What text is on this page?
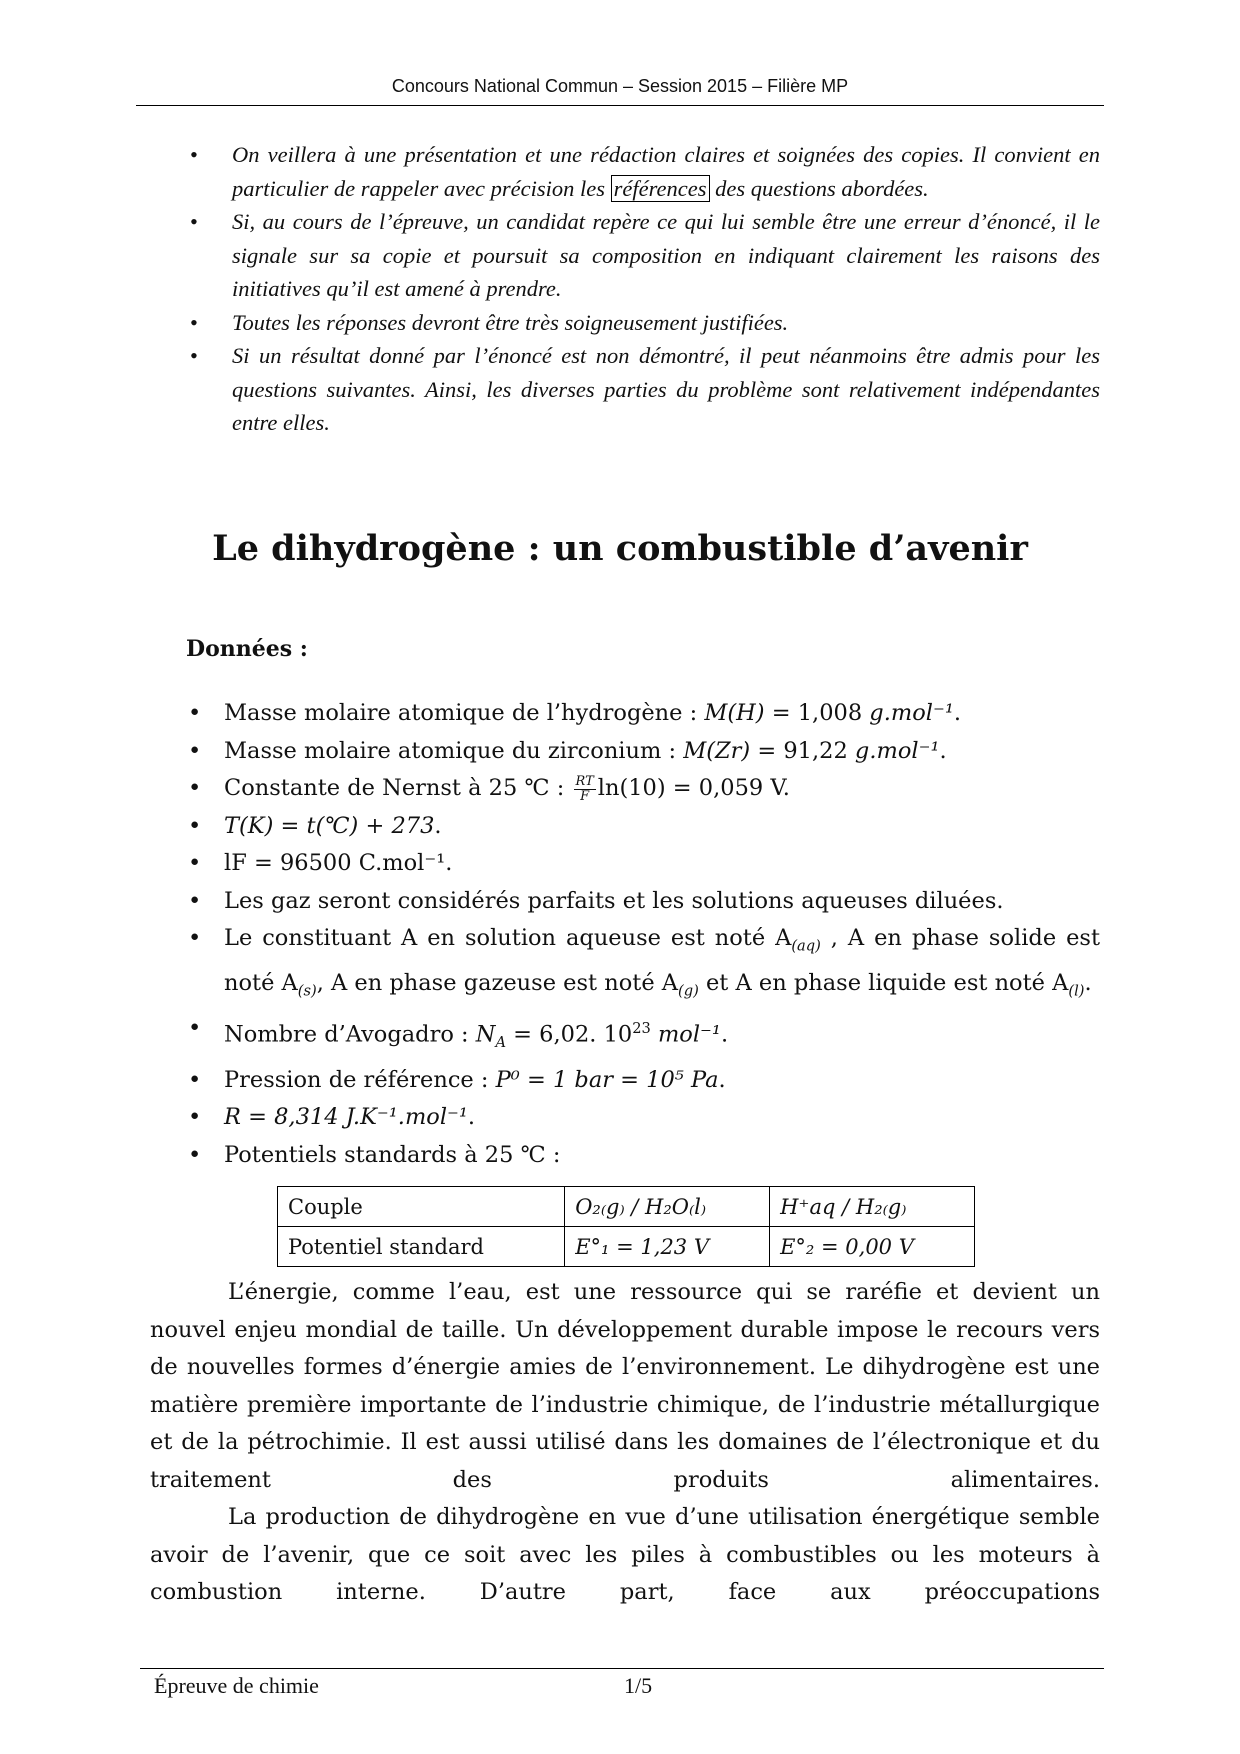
Concours National Commun – Session 2015 – Filière MP
• On veillera à une présentation et une rédaction claires et soignées des copies. Il convient en particulier de rappeler avec précision les références des questions abordées.
• Si, au cours de l’épreuve, un candidat repère ce qui lui semble être une erreur d’énoncé, il le signale sur sa copie et poursuit sa composition en indiquant clairement les raisons des initiatives qu’il est amené à prendre.
• Toutes les réponses devront être très soigneusement justifiées.
• Si un résultat donné par l’énoncé est non démontré, il peut néanmoins être admis pour les questions suivantes. Ainsi, les diverses parties du problème sont relativement indépendantes entre elles.
Le dihydrogène : un combustible d’avenir
Données :
• Masse molaire atomique de l’hydrogène : M(H) = 1,008 g.mol⁻¹.
• Masse molaire atomique du zirconium : M(Zr) = 91,22 g.mol⁻¹.
• Constante de Nernst à 25 ℃ : $\frac{RT}{F} \ln(10) = 0,059$ V.
• T(K) = t(℃) + 273.
• lF = 96500 C.mol⁻¹.
• Les gaz seront considérés parfaits et les solutions aqueuses diluées.
• Le constituant A en solution aqueuse est noté $A_{(aq)}$ , A en phase solide est noté $A_{(s)}$, A en phase gazeuse est noté $A_{(g)}$ et A en phase liquide est noté $A_{(l)}$.
• Nombre d’Avogadro : $N_A = 6,02$. $10^{23}$ mol⁻¹.
• Pression de référence : P⁰ = 1 bar = 10⁵ Pa.
• R = 8,314 J.K⁻¹.mol⁻¹.
• Potentiels standards à 25 ℃ :
Couple	O₂₍g₎ / H₂O₍l₎	H⁺aq / H₂₍g₎
Potentiel standard	E°₁ = 1,23 V	E°₂ = 0,00 V

L’énergie, comme l’eau, est une ressource qui se raréfie et devient un nouvel enjeu mondial de taille. Un développement durable impose le recours vers de nouvelles formes d’énergie amies de l’environnement. Le dihydrogène est une matière première importante de l’industrie chimique, de l’industrie métallurgique et de la pétrochimie. Il est aussi utilisé dans les domaines de l’électronique et du traitement des produits alimentaires.

La production de dihydrogène en vue d’une utilisation énergétique semble avoir de l’avenir, que ce soit avec les piles à combustibles ou les moteurs à combustion interne. D’autre part, face aux préoccupations

Épreuve de chimie	1/5
